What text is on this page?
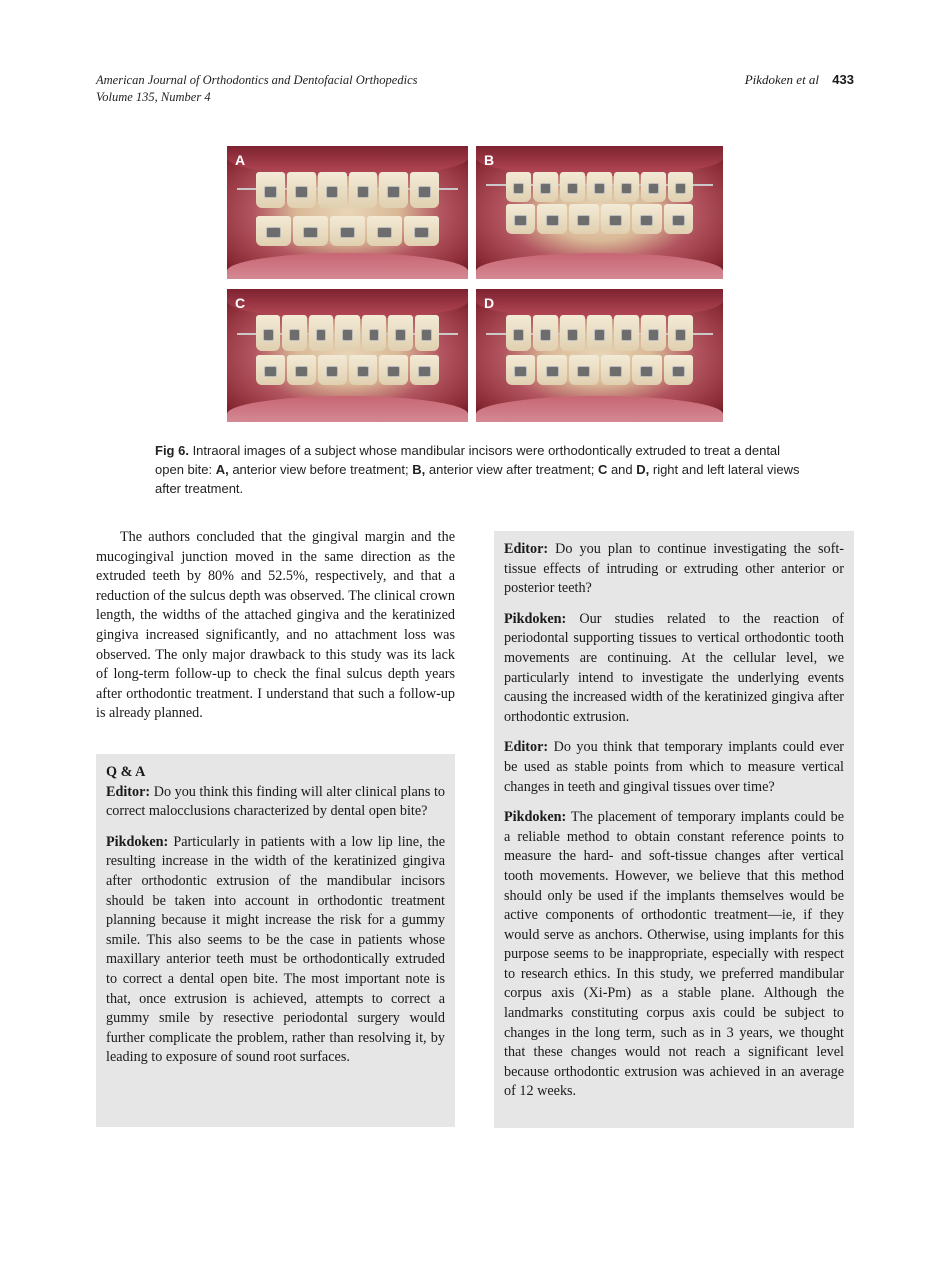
American Journal of Orthodontics and Dentofacial Orthopedics
Volume 135, Number 4
Pikdoken et al 433
A	B
C	D
Fig 6. Intraoral images of a subject whose mandibular incisors were orthodontically extruded to treat a dental open bite: A, anterior view before treatment; B, anterior view after treatment; C and D, right and left lateral views after treatment.

The authors concluded that the gingival margin and the mucogingival junction moved in the same direction as the extruded teeth by 80% and 52.5%, respectively, and that a reduction of the sulcus depth was observed. The clinical crown length, the widths of the attached gingiva and the keratinized gingiva increased significantly, and no attachment loss was observed. The only major drawback to this study was its lack of long-term follow-up to check the final sulcus depth years after orthodontic treatment. I understand that such a follow-up is already planned.

Q & A

Editor: Do you think this finding will alter clinical plans to correct malocclusions characterized by dental open bite?

Pikdoken: Particularly in patients with a low lip line, the resulting increase in the width of the keratinized gingiva after orthodontic extrusion of the mandibular incisors should be taken into account in orthodontic treatment planning because it might increase the risk for a gummy smile. This also seems to be the case in patients whose maxillary anterior teeth must be orthodontically extruded to correct a dental open bite. The most important note is that, once extrusion is achieved, attempts to correct a gummy smile by resective periodontal surgery would further complicate the problem, rather than resolving it, by leading to exposure of sound root surfaces.

Editor: Do you plan to continue investigating the soft-tissue effects of intruding or extruding other anterior or posterior teeth?

Pikdoken: Our studies related to the reaction of periodontal supporting tissues to vertical orthodontic tooth movements are continuing. At the cellular level, we particularly intend to investigate the underlying events causing the increased width of the keratinized gingiva after orthodontic extrusion.

Editor: Do you think that temporary implants could ever be used as stable points from which to measure vertical changes in teeth and gingival tissues over time?

Pikdoken: The placement of temporary implants could be a reliable method to obtain constant reference points to measure the hard- and soft-tissue changes after vertical tooth movements. However, we believe that this method should only be used if the implants themselves would be active components of orthodontic treatment—ie, if they would serve as anchors. Otherwise, using implants for this purpose seems to be inappropriate, especially with respect to research ethics. In this study, we preferred mandibular corpus axis (Xi-Pm) as a stable plane. Although the landmarks constituting corpus axis could be subject to changes in the long term, such as in 3 years, we thought that these changes would not reach a significant level because orthodontic extrusion was achieved in an average of 12 weeks.
